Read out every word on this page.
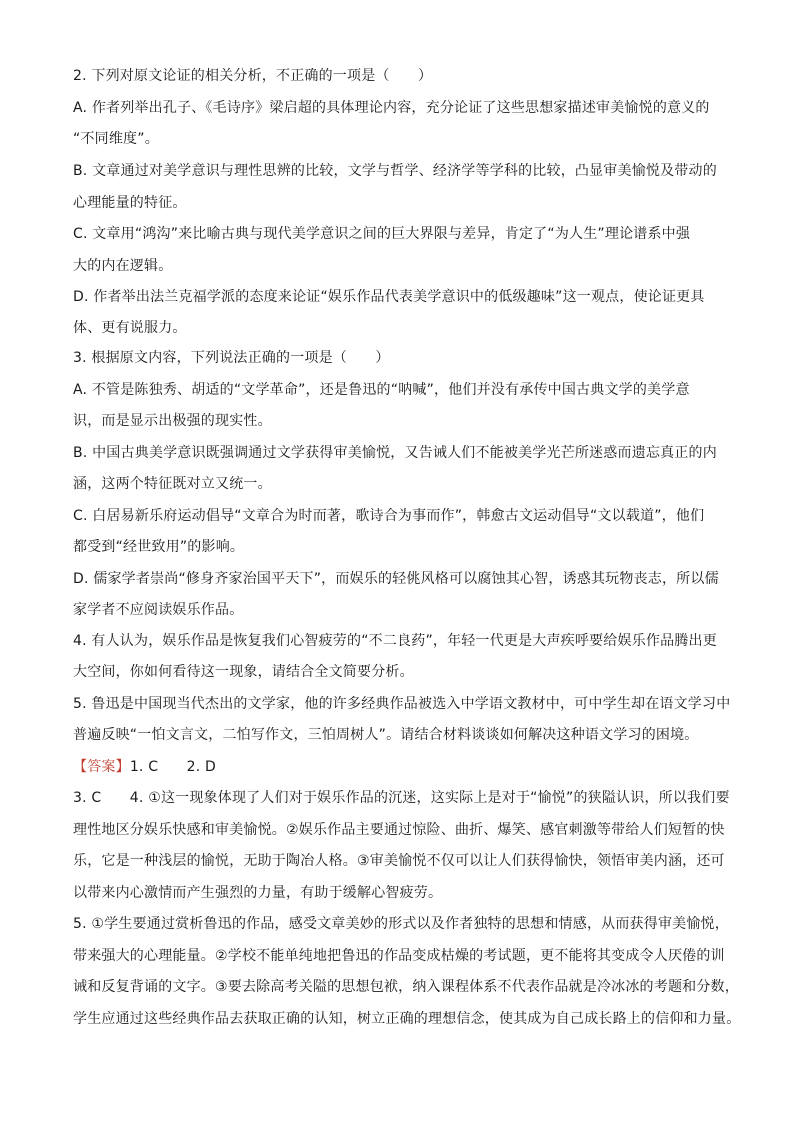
2. 下列对原文论证的相关分析，不正确的一项是（　　）
A. 作者列举出孔子、《毛诗序》梁启超的具体理论内容，充分论证了这些思想家描述审美愉悦的意义的
“不同维度”。
B. 文章通过对美学意识与理性思辨的比较，文学与哲学、经济学等学科的比较，凸显审美愉悦及带动的
心理能量的特征。
C. 文章用“鸿沟”来比喻古典与现代美学意识之间的巨大界限与差异，肯定了“为人生”理论谱系中强
大的内在逻辑。
D. 作者举出法兰克福学派的态度来论证“娱乐作品代表美学意识中的低级趣味”这一观点，使论证更具
体、更有说服力。
3. 根据原文内容，下列说法正确的一项是（　　）
A. 不管是陈独秀、胡适的“文学革命”，还是鲁迅的“呐喊”，他们并没有承传中国古典文学的美学意
识，而是显示出极强的现实性。
B. 中国古典美学意识既强调通过文学获得审美愉悦，又告诫人们不能被美学光芒所迷惑而遗忘真正的内
涵，这两个特征既对立又统一。
C. 白居易新乐府运动倡导“文章合为时而著，歌诗合为事而作”，韩愈古文运动倡导“文以载道”，他们
都受到“经世致用”的影响。
D. 儒家学者崇尚“修身齐家治国平天下”，而娱乐的轻佻风格可以腐蚀其心智，诱惑其玩物丧志，所以儒
家学者不应阅读娱乐作品。
4. 有人认为，娱乐作品是恢复我们心智疲劳的“不二良药”，年轻一代更是大声疾呼要给娱乐作品腾出更
大空间，你如何看待这一现象，请结合全文简要分析。
5. 鲁迅是中国现当代杰出的文学家，他的许多经典作品被选入中学语文教材中，可中学生却在语文学习中
普遍反映“一怕文言文，二怕写作文，三怕周树人”。请结合材料谈谈如何解决这种语文学习的困境。
【答案】1. C　　2. D
3. C　　4. ①这一现象体现了人们对于娱乐作品的沉迷，这实际上是对于“愉悦”的狭隘认识，所以我们要
理性地区分娱乐快感和审美愉悦。②娱乐作品主要通过惊险、曲折、爆笑、感官刺激等带给人们短暂的快
乐，它是一种浅层的愉悦，无助于陶冶人格。③审美愉悦不仅可以让人们获得愉快，领悟审美内涵，还可
以带来内心激情而产生强烈的力量，有助于缓解心智疲劳。
5. ①学生要通过赏析鲁迅的作品，感受文章美妙的形式以及作者独特的思想和情感，从而获得审美愉悦，
带来强大的心理能量。②学校不能单纯地把鲁迅的作品变成枯燥的考试题，更不能将其变成令人厌倦的训
诫和反复背诵的文字。③要去除高考关隘的思想包袱，纳入课程体系不代表作品就是冷冰冰的考题和分数，
学生应通过这些经典作品去获取正确的认知，树立正确的理想信念，使其成为自己成长路上的信仰和力量。
